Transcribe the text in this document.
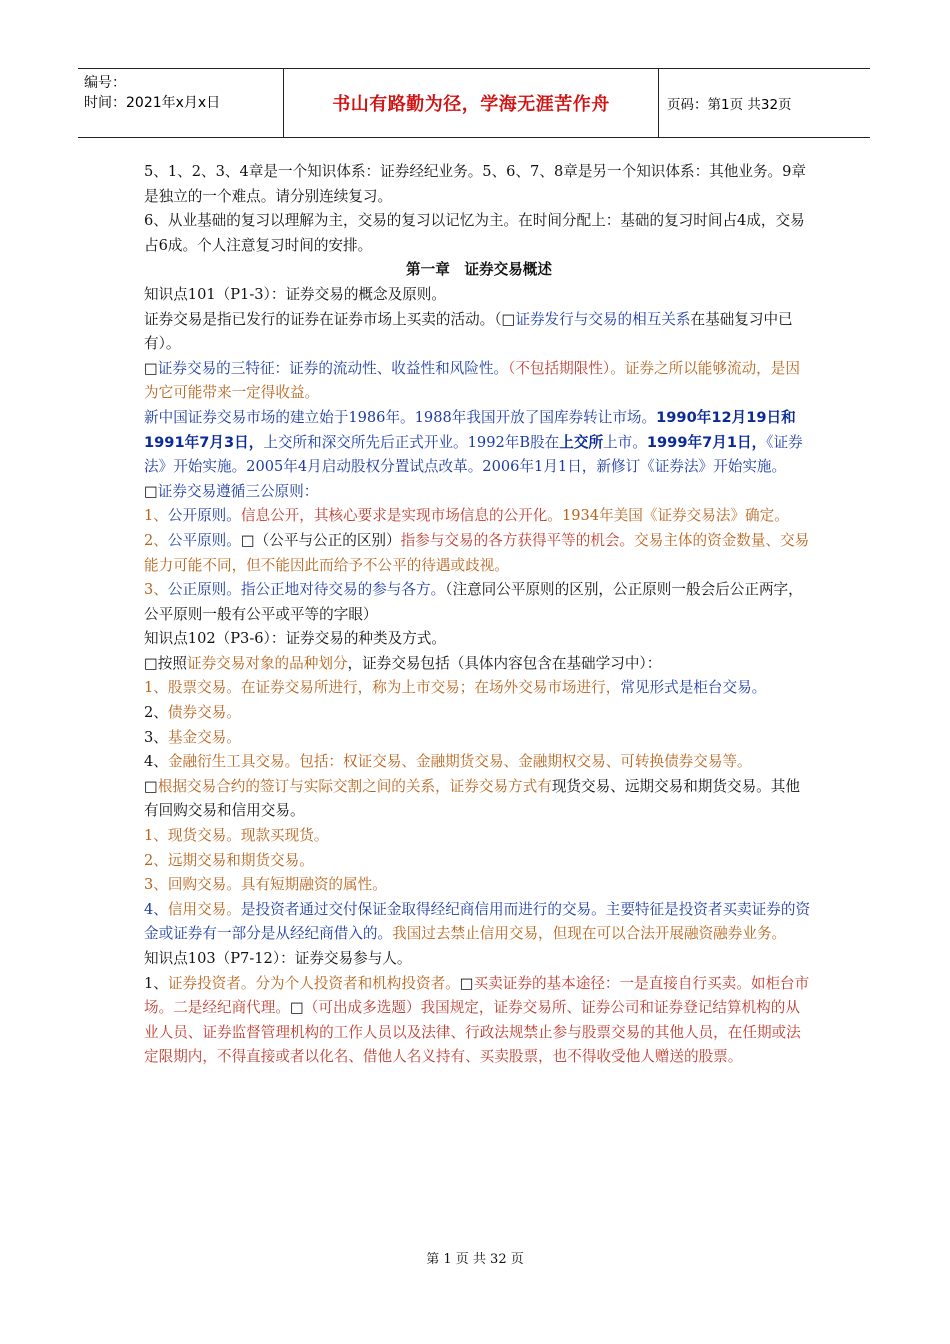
编号：
时间：2021年x月x日	书山有路勤为径，学海无涯苦作舟	页码：第1页 共32页

5、1、2、3、4章是一个知识体系：证券经纪业务。5、6、7、8章是另一个知识体系：其他业务。9章是独立的一个难点。请分别连续复习。

6、从业基础的复习以理解为主，交易的复习以记忆为主。在时间分配上：基础的复习时间占4成，交易占6成。个人注意复习时间的安排。

第一章　证券交易概述

知识点101（P1-3）：证券交易的概念及原则。

证券交易是指已发行的证券在证券市场上买卖的活动。（□证券发行与交易的相互关系在基础复习中已有）。

□证券交易的三特征：证券的流动性、收益性和风险性。（不包括期限性）。证券之所以能够流动，是因为它可能带来一定得收益。

新中国证券交易市场的建立始于1986年。1988年我国开放了国库券转让市场。1990年12月19日和1991年7月3日，上交所和深交所先后正式开业。1992年B股在上交所上市。1999年7月1日，《证券法》开始实施。2005年4月启动股权分置试点改革。2006年1月1日，新修订《证券法》开始实施。

□证券交易遵循三公原则：

1、公开原则。信息公开，其核心要求是实现市场信息的公开化。1934年美国《证券交易法》确定。

2、公平原则。□（公平与公正的区别）指参与交易的各方获得平等的机会。交易主体的资金数量、交易能力可能不同，但不能因此而给予不公平的待遇或歧视。

3、公正原则。指公正地对待交易的参与各方。（注意同公平原则的区别，公正原则一般会后公正两字，公平原则一般有公平或平等的字眼）

知识点102（P3-6）：证券交易的种类及方式。

□按照证券交易对象的品种划分，证券交易包括（具体内容包含在基础学习中）：

1、股票交易。在证券交易所进行，称为上市交易；在场外交易市场进行，常见形式是柜台交易。

2、债券交易。

3、基金交易。

4、金融衍生工具交易。包括：权证交易、金融期货交易、金融期权交易、可转换债券交易等。

□根据交易合约的签订与实际交割之间的关系，证券交易方式有现货交易、远期交易和期货交易。其他有回购交易和信用交易。

1、现货交易。现款买现货。

2、远期交易和期货交易。

3、回购交易。具有短期融资的属性。

4、信用交易。是投资者通过交付保证金取得经纪商信用而进行的交易。主要特征是投资者买卖证券的资金或证券有一部分是从经纪商借入的。我国过去禁止信用交易，但现在可以合法开展融资融券业务。

知识点103（P7-12）：证券交易参与人。

1、证券投资者。分为个人投资者和机构投资者。□买卖证券的基本途径：一是直接自行买卖。如柜台市场。二是经纪商代理。□（可出成多选题）我国规定，证券交易所、证券公司和证券登记结算机构的从业人员、证券监督管理机构的工作人员以及法律、行政法规禁止参与股票交易的其他人员，在任期或法定限期内，不得直接或者以化名、借他人名义持有、买卖股票，也不得收受他人赠送的股票。

第 1 页 共 32 页
